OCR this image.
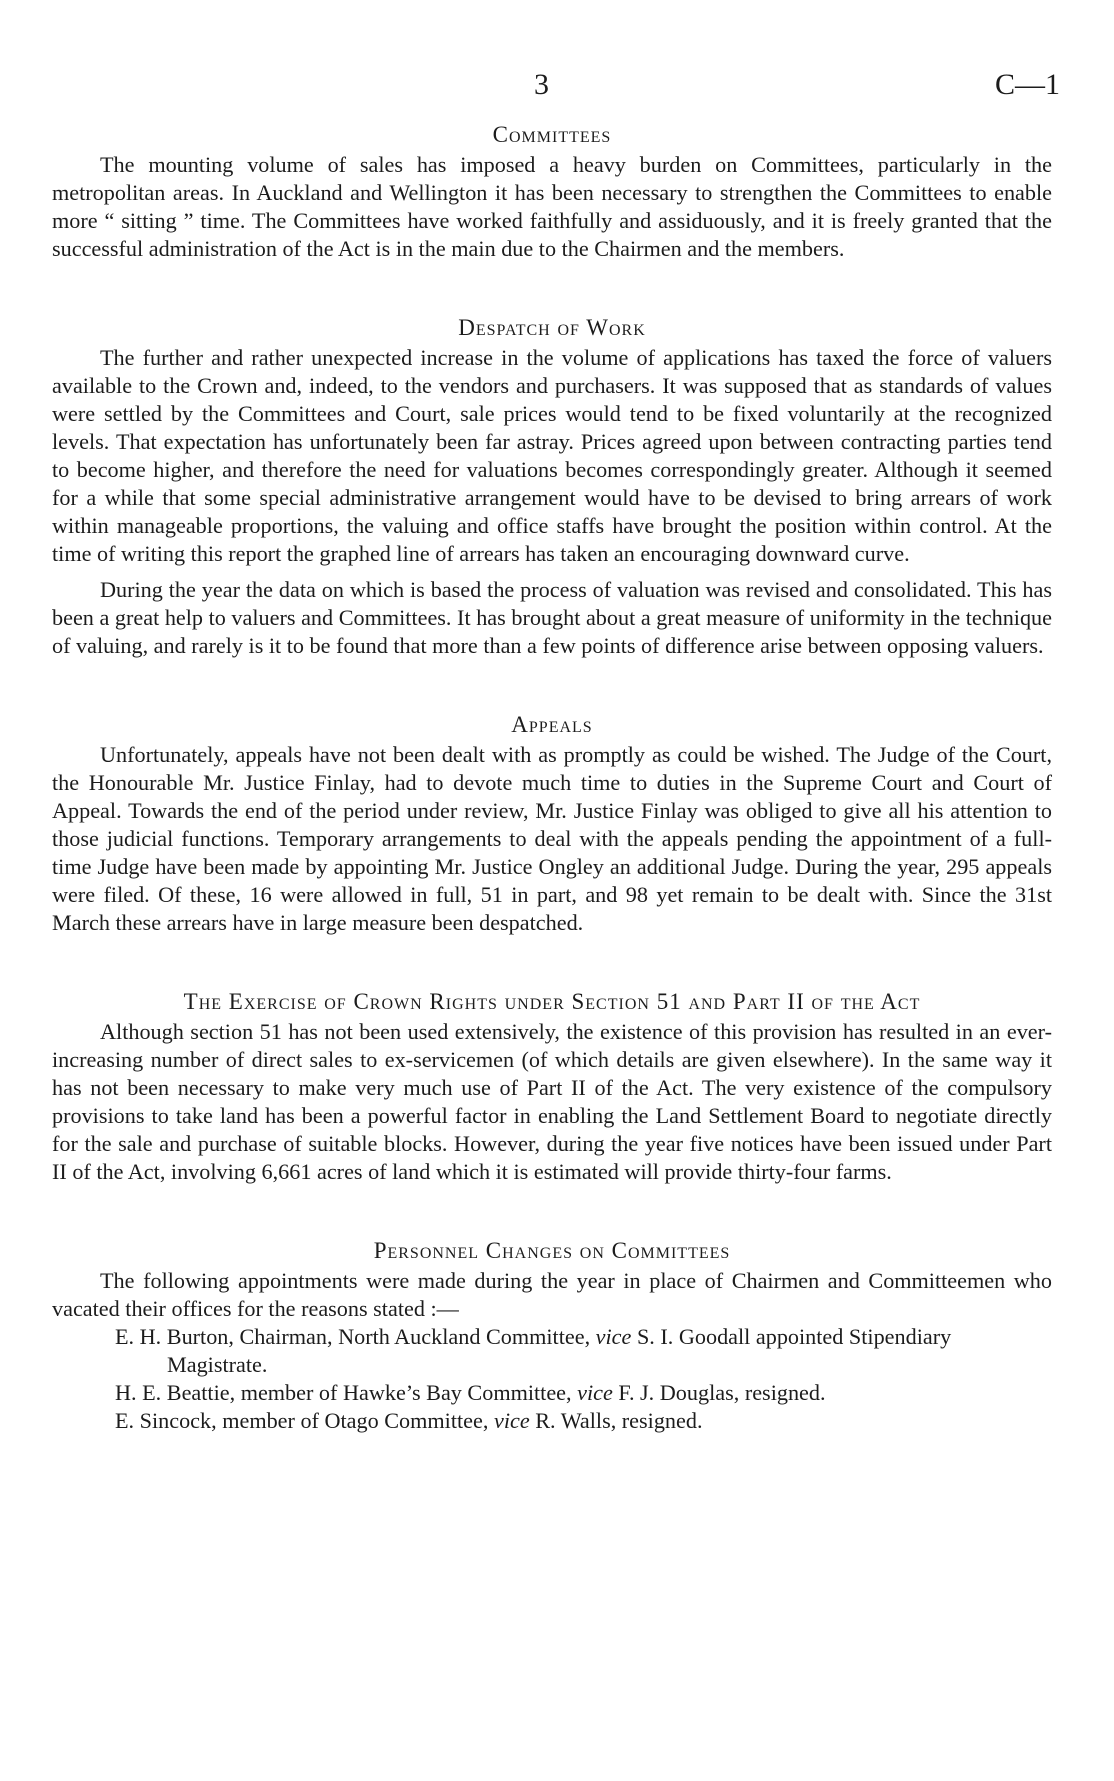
3	C—1
Committees

The mounting volume of sales has imposed a heavy burden on Committees, particularly in the metropolitan areas. In Auckland and Wellington it has been necessary to strengthen the Committees to enable more “ sitting ” time. The Committees have worked faithfully and assiduously, and it is freely granted that the successful administration of the Act is in the main due to the Chairmen and the members.

Despatch of Work

The further and rather unexpected increase in the volume of applications has taxed the force of valuers available to the Crown and, indeed, to the vendors and purchasers. It was supposed that as standards of values were settled by the Committees and Court, sale prices would tend to be fixed voluntarily at the recognized levels. That expectation has unfortunately been far astray. Prices agreed upon between contracting parties tend to become higher, and therefore the need for valuations becomes correspondingly greater. Although it seemed for a while that some special administrative arrangement would have to be devised to bring arrears of work within manageable proportions, the valuing and office staffs have brought the position within control. At the time of writing this report the graphed line of arrears has taken an encouraging downward curve.

During the year the data on which is based the process of valuation was revised and consolidated. This has been a great help to valuers and Committees. It has brought about a great measure of uniformity in the technique of valuing, and rarely is it to be found that more than a few points of difference arise between opposing valuers.

Appeals

Unfortunately, appeals have not been dealt with as promptly as could be wished. The Judge of the Court, the Honourable Mr. Justice Finlay, had to devote much time to duties in the Supreme Court and Court of Appeal. Towards the end of the period under review, Mr. Justice Finlay was obliged to give all his attention to those judicial functions. Temporary arrangements to deal with the appeals pending the appointment of a full-time Judge have been made by appointing Mr. Justice Ongley an additional Judge. During the year, 295 appeals were filed. Of these, 16 were allowed in full, 51 in part, and 98 yet remain to be dealt with. Since the 31st March these arrears have in large measure been despatched.

The Exercise of Crown Rights under Section 51 and Part II of the Act

Although section 51 has not been used extensively, the existence of this provision has resulted in an ever-increasing number of direct sales to ex-servicemen (of which details are given elsewhere). In the same way it has not been necessary to make very much use of Part II of the Act. The very existence of the compulsory provisions to take land has been a powerful factor in enabling the Land Settlement Board to negotiate directly for the sale and purchase of suitable blocks. However, during the year five notices have been issued under Part II of the Act, involving 6,661 acres of land which it is estimated will provide thirty-four farms.

Personnel Changes on Committees

The following appointments were made during the year in place of Chairmen and Committeemen who vacated their offices for the reasons stated :—

E. H. Burton, Chairman, North Auckland Committee, vice S. I. Goodall appointed Stipendiary Magistrate.
H. E. Beattie, member of Hawke’s Bay Committee, vice F. J. Douglas, resigned.
E. Sincock, member of Otago Committee, vice R. Walls, resigned.
